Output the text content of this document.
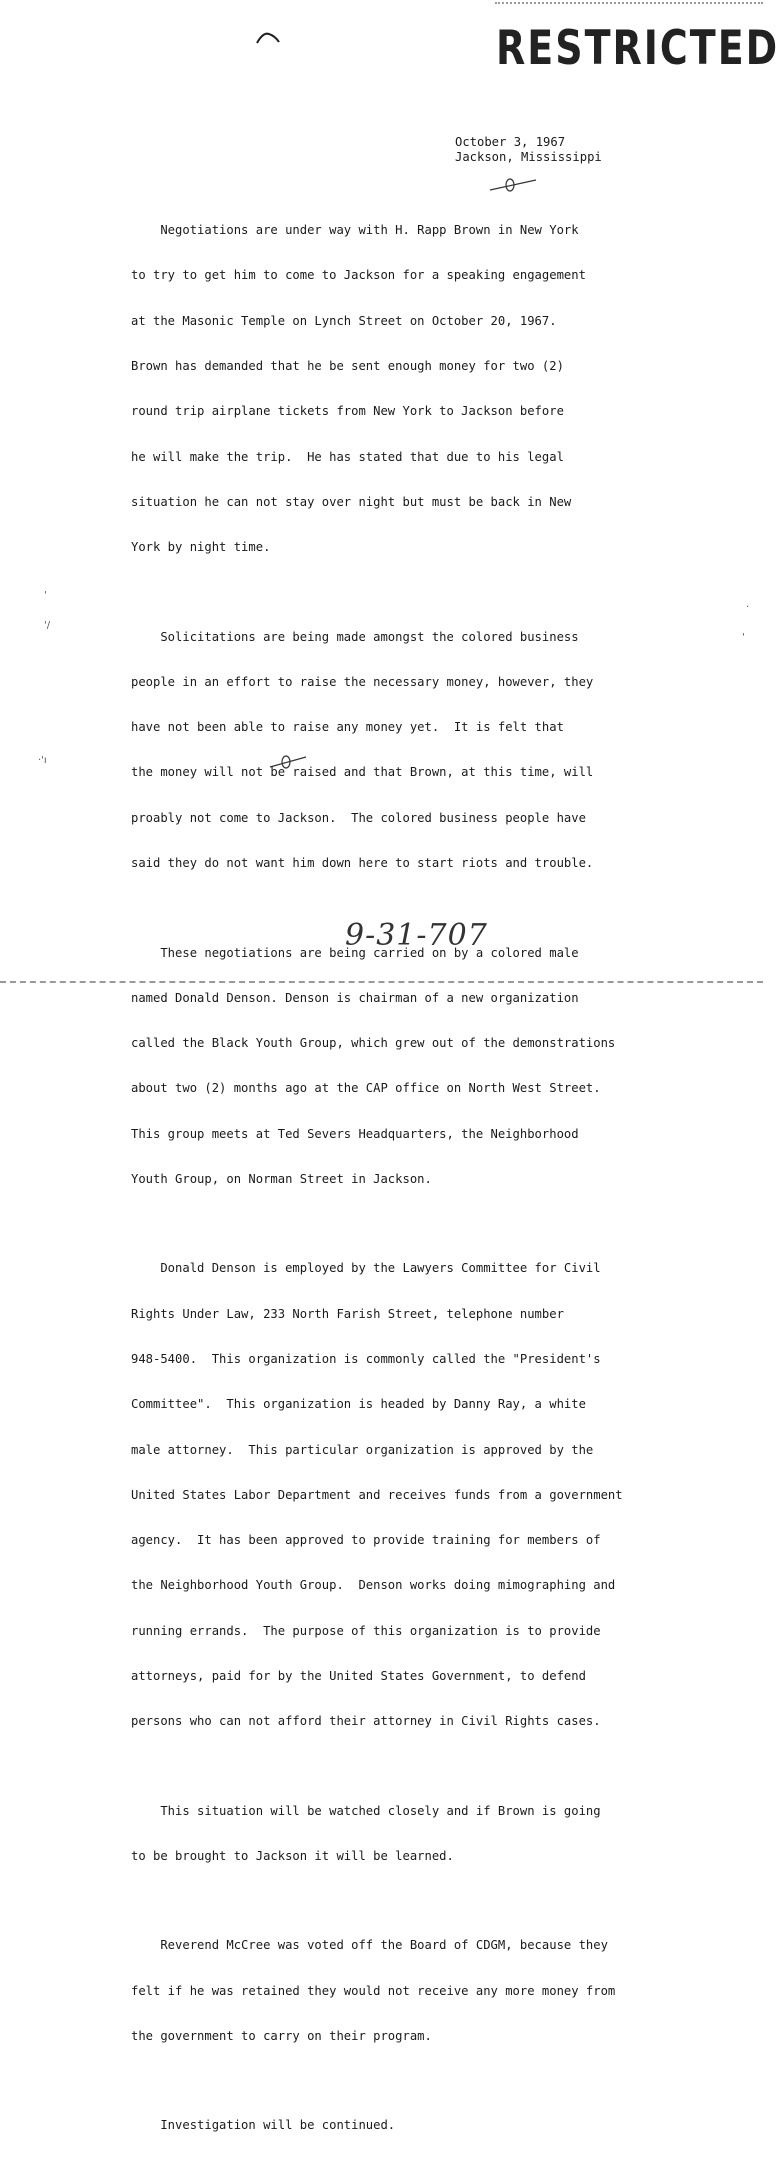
RESTRICTED
October 3, 1967
Jackson, Mississippi

Negotiations are under way with H. Rapp Brown in New York

to try to get him to come to Jackson for a speaking engagement

at the Masonic Temple on Lynch Street on October 20, 1967.

Brown has demanded that he be sent enough money for two (2)

round trip airplane tickets from New York to Jackson before

he will make the trip.  He has stated that due to his legal

situation he can not stay over night but must be back in New

York by night time.

Solicitations are being made amongst the colored business

people in an effort to raise the necessary money, however, they

have not been able to raise any money yet.  It is felt that

the money will not be raised and that Brown, at this time, will

proably not come to Jackson.  The colored business people have

said they do not want him down here to start riots and trouble.

These negotiations are being carried on by a colored male

named Donald Denson. Denson is chairman of a new organization

called the Black Youth Group, which grew out of the demonstrations

about two (2) months ago at the CAP office on North West Street.

This group meets at Ted Severs Headquarters, the Neighborhood

Youth Group, on Norman Street in Jackson.

Donald Denson is employed by the Lawyers Committee for Civil

Rights Under Law, 233 North Farish Street, telephone number

948-5400.  This organization is commonly called the "President's

Committee".  This organization is headed by Danny Ray, a white

male attorney.  This particular organization is approved by the

United States Labor Department and receives funds from a government

agency.  It has been approved to provide training for members of

the Neighborhood Youth Group.  Denson works doing mimographing and

running errands.  The purpose of this organization is to provide

attorneys, paid for by the United States Government, to defend

persons who can not afford their attorney in Civil Rights cases.

This situation will be watched closely and if Brown is going

to be brought to Jackson it will be learned.

Reverend McCree was voted off the Board of CDGM, because they

felt if he was retained they would not receive any more money from

the government to carry on their program.

Investigation will be continued.

9-31-707
'
'/
·'ı
·
'
